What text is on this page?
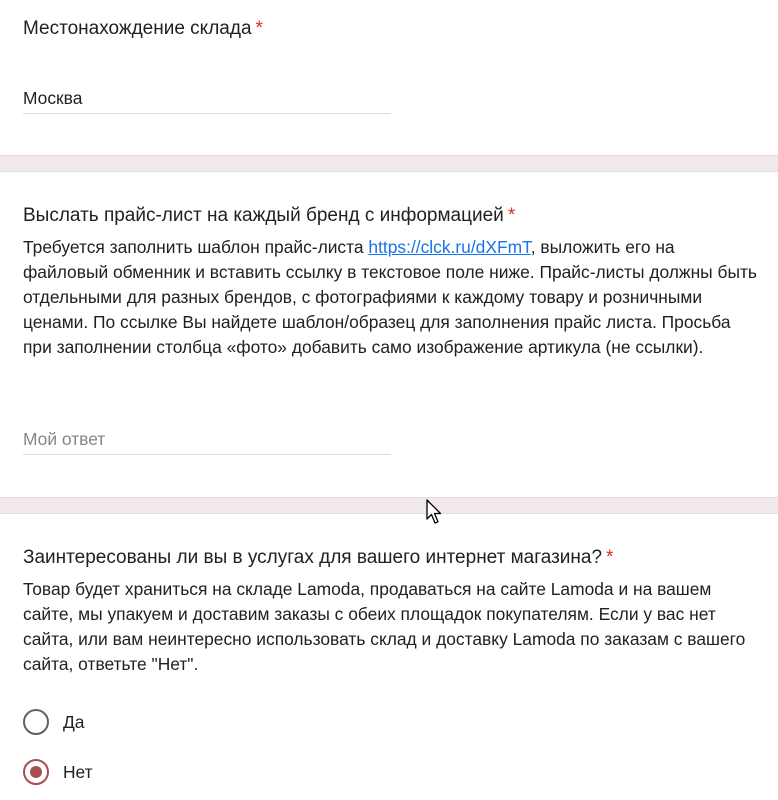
Местонахождение склада *
Москва
Выслать прайс-лист на каждый бренд с информацией *
Требуется заполнить шаблон прайс-листа https://clck.ru/dXFmT, выложить его на файловый обменник и вставить ссылку в текстовое поле ниже. Прайс-листы должны быть отдельными для разных брендов, с фотографиями к каждому товару и розничными ценами. По ссылке Вы найдете шаблон/образец для заполнения прайс листа. Просьба при заполнении столбца «фото» добавить само изображение артикула (не ссылки).
Мой ответ
Заинтересованы ли вы в услугах для вашего интернет магазина? *
Товар будет храниться на складе Lamoda, продаваться на сайте Lamoda и на вашем сайте, мы упакуем и доставим заказы с обеих площадок покупателям. Если у вас нет сайта, или вам неинтересно использовать склад и доставку Lamoda по заказам с вашего сайта, ответьте "Нет".
Да
Нет
